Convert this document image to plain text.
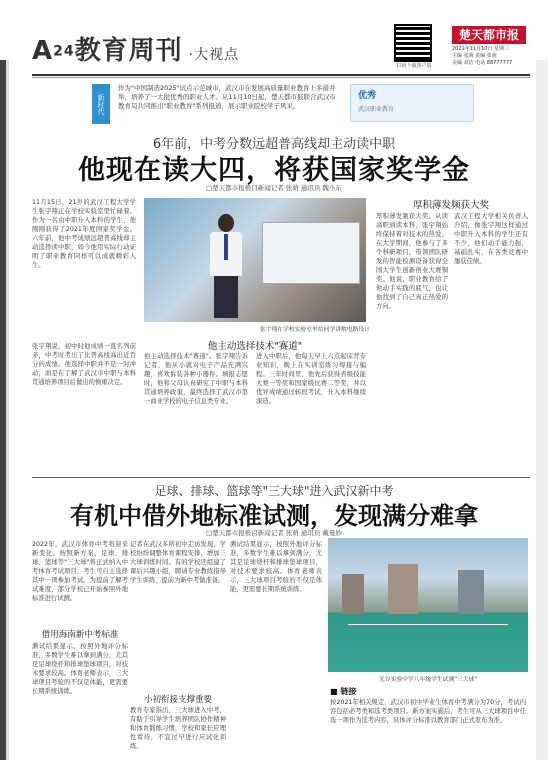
A24教育周刊 ·大视点
扫码下载客户端
楚天都市报
2021年11月10日 星期三
主编 张萌 责编 张萌
美编 刘洁 电话 88777777
新时代
作为"中国制造2025"试点示范城市，武汉市在发展高质量职业教育上多措并举，培养了一大批优秀的职业人才。从11月10日起，楚天都市报联合武汉市教育局共同推出"职业教育"系列报道，展示职业院校学子风采。
优秀
武汉职业教育
6年前，中考分数远超普高线却主动读中职
他现在读大四，将获国家奖学金
□楚天都市报极目新闻记者 张萌 通讯员 魏小东
11月15日，21岁的武汉工程大学学生张宇翔正在学校实验室里忙碌着。作为一名由中职升入本科的学生，他刚刚获得了2021年度国家奖学金。六年前，他中考成绩远超普高线却主动选择读中职，如今他用实际行动证明了职业教育同样可以成就精彩人生。
张宇翔说，初中时他成绩一直名列前茅，中考时考出了比普高线高出近百分的成绩。他选择中职并不是一时冲动，而是在了解了武汉市中职与本科贯通培养项目后做出的慎重决定。
张宇翔在学校实验室里给同学讲解电路设计
他主动选择技术"赛道"
他主动选择技术"赛道"。张宇翔告诉记者，他从小就对电子产品充满兴趣，喜欢拆装各种小器件。填报志愿时，他和父母认真研究了中职与本科贯通培养政策，最终选择了武汉市第一商业学校的电子信息类专业。
进入中职后，他每天早上六点起床背专业知识，晚上在实训室练习焊接与编程。三年时间里，他先后获得省级技能大赛一等奖和国家级比赛二等奖，并以优异成绩通过转段考试，升入本科继续深造。
厚积薄发频获大奖
厚积薄发频获大奖。从读高职到读本科，张宇翔始终保持着对技术的热爱。在大学期间，他参与了多个科研项目，带领团队研发的智能检测设备获得全国大学生创新创业大赛铜奖。他说，职业教育给了他动手实践的底气，也让他找到了自己真正热爱的方向。
武汉工程大学相关负责人介绍，像张宇翔这样通过中职升入本科的学生还有不少，他们动手能力强，基础扎实，在各类竞赛中屡获佳绩。
足球、排球、篮球等"三大球"进入武汉新中考
有机中借外地标准试测，发现满分难拿
□楚天都市报极目新闻记者 张萌 通讯员 戴曼妙
2022年，武汉市体育中考将迎来新变化。按照新方案，足球、排球、篮球等"三大球"将正式纳入中考体育考试项目，考生可自主选择其中一项参加考试。为提前了解考试难度，部分学校已开始参照外地标准进行试测。
借用海南新中考标准
测试结果显示，按照外地评分标准，多数学生难以拿到满分，尤其是足球绕杆和排球垫球项目，对技术要求较高。体育老师表示，三大球项目考验的不仅是体能，更需要长期系统训练。
记者在武汉多所初中走访发现，学校纷纷调整体育课程安排，增加三大球训练时间。有的学校还组建了课后兴趣小组，聘请专业教练指导学生训练，提前为新中考做准备。
小初衔接支撑重要
教育专家指出，三大球进入中考，有助于引导学生培养团队协作精神和体育锻炼习惯，学校和家长应理性看待，不宜过早进行应试化训练。
测试结果显示，按照外地评分标准，多数学生难以拿到满分，尤其是足球绕杆和排球垫球项目，对技术要求较高。体育老师表示，三大球项目考验的不仅是体能，更需要长期系统训练。
光谷实验中学八年级学生试测"三大球"
■ 链接
按2021年相关规定，武汉市初中毕业生体育中考满分为70分，考试内容包括必考类和选考类项目。新方案实施后，考生可从三大球项目中任选一项作为选考内容，具体评分标准以教育部门正式发布为准。
